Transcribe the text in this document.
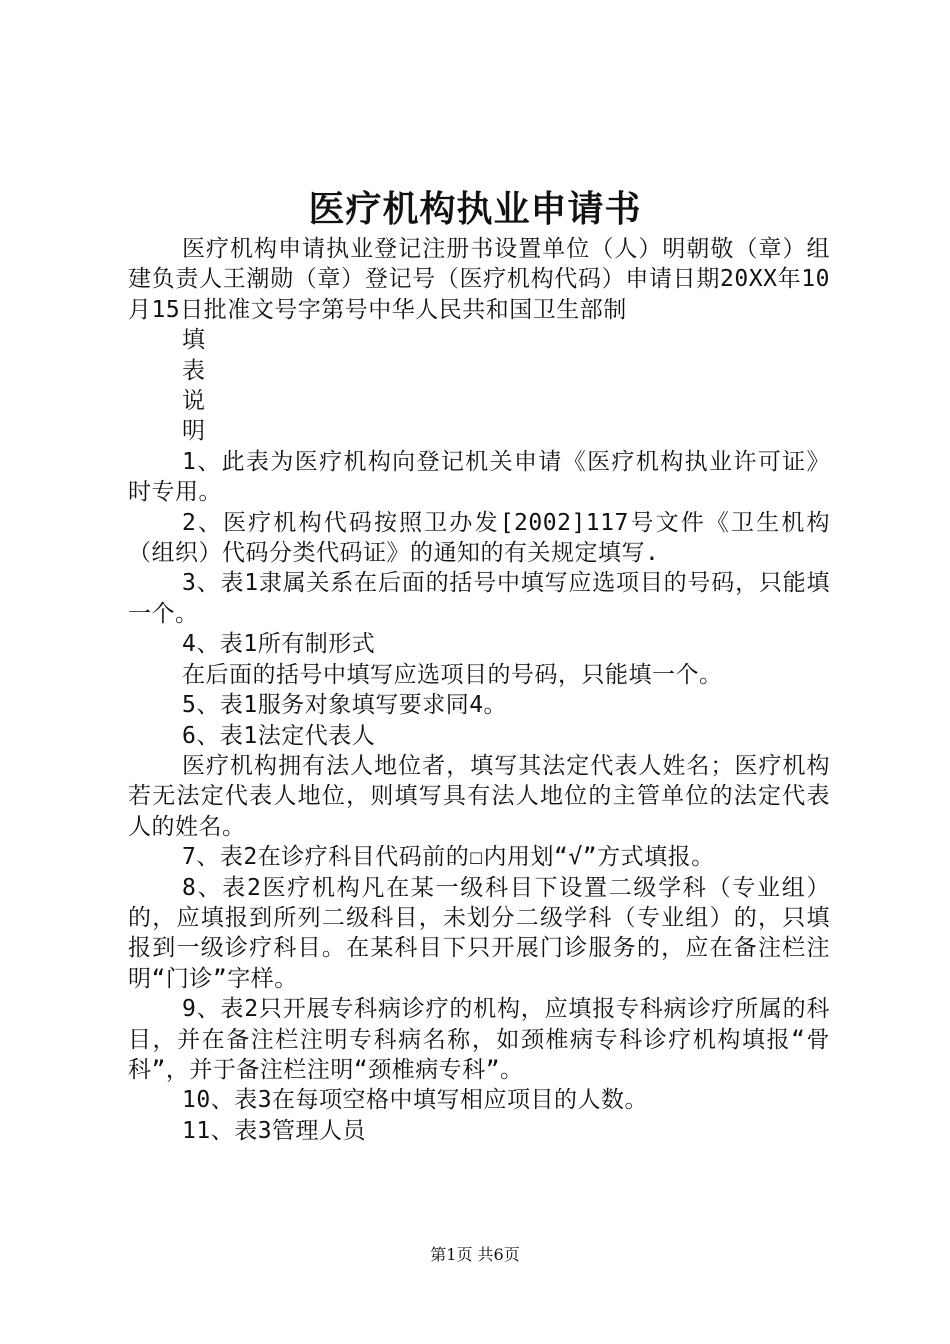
医疗机构执业申请书

医疗机构申请执业登记注册书设置单位（人）明朝敬（章）组建负责人王潮勋（章）登记号（医疗机构代码）申请日期20XX年10月15日批准文号字第号中华人民共和国卫生部制

填

表

说

明

1、此表为医疗机构向登记机关申请《医疗机构执业许可证》时专用。

2、医疗机构代码按照卫办发[2002]117号文件《卫生机构（组织）代码分类代码证》的通知的有关规定填写.

3、表1隶属关系在后面的括号中填写应选项目的号码，只能填一个。

4、表1所有制形式

在后面的括号中填写应选项目的号码，只能填一个。

5、表1服务对象填写要求同4。

6、表1法定代表人

医疗机构拥有法人地位者，填写其法定代表人姓名；医疗机构若无法定代表人地位，则填写具有法人地位的主管单位的法定代表人的姓名。

7、表2在诊疗科目代码前的☐内用划“√”方式填报。

8、表2医疗机构凡在某一级科目下设置二级学科（专业组）的，应填报到所列二级科目，未划分二级学科（专业组）的，只填报到一级诊疗科目。在某科目下只开展门诊服务的，应在备注栏注明“门诊”字样。

9、表2只开展专科病诊疗的机构，应填报专科病诊疗所属的科目，并在备注栏注明专科病名称，如颈椎病专科诊疗机构填报“骨科”，并于备注栏注明“颈椎病专科”。

10、表3在每项空格中填写相应项目的人数。

11、表3管理人员

第1页 共6页
